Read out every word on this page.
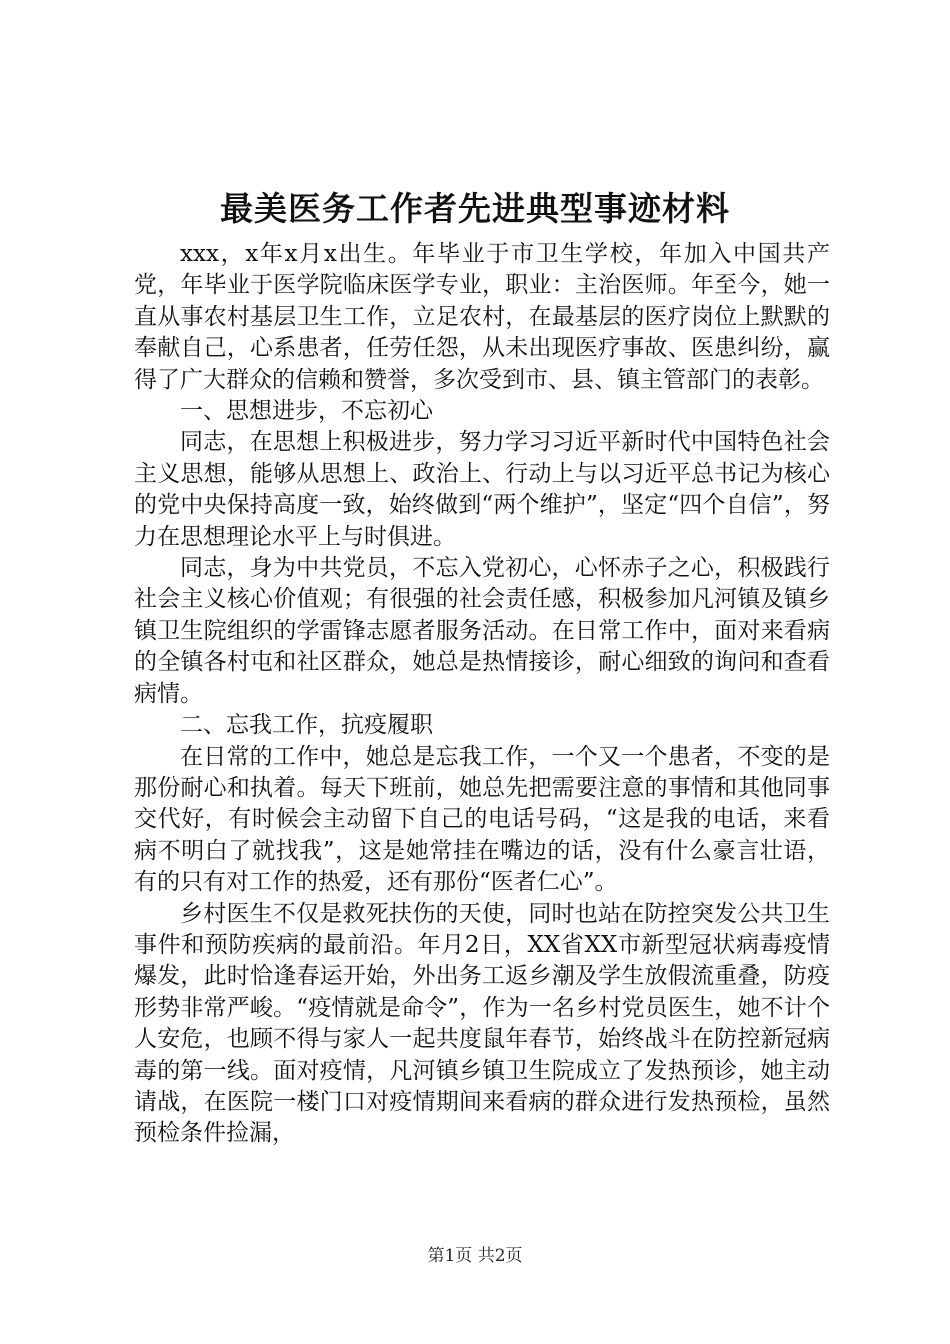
最美医务工作者先进典型事迹材料

xxx，x年x月x出生。年毕业于市卫生学校，年加入中国共产党，年毕业于医学院临床医学专业，职业：主治医师。年至今，她一直从事农村基层卫生工作，立足农村，在最基层的医疗岗位上默默的奉献自己，心系患者，任劳任怨，从未出现医疗事故、医患纠纷，赢得了广大群众的信赖和赞誉，多次受到市、县、镇主管部门的表彰。

一、思想进步，不忘初心

同志，在思想上积极进步，努力学习习近平新时代中国特色社会主义思想，能够从思想上、政治上、行动上与以习近平总书记为核心的党中央保持高度一致，始终做到“两个维护”，坚定“四个自信”，努力在思想理论水平上与时俱进。

同志，身为中共党员，不忘入党初心，心怀赤子之心，积极践行社会主义核心价值观；有很强的社会责任感，积极参加凡河镇及镇乡镇卫生院组织的学雷锋志愿者服务活动。在日常工作中，面对来看病的全镇各村屯和社区群众，她总是热情接诊，耐心细致的询问和查看病情。

二、忘我工作，抗疫履职

在日常的工作中，她总是忘我工作，一个又一个患者，不变的是那份耐心和执着。每天下班前，她总先把需要注意的事情和其他同事交代好，有时候会主动留下自己的电话号码，“这是我的电话，来看病不明白了就找我”，这是她常挂在嘴边的话，没有什么豪言壮语，有的只有对工作的热爱，还有那份“医者仁心”。

乡村医生不仅是救死扶伤的天使，同时也站在防控突发公共卫生事件和预防疾病的最前沿。年月2日，XX省XX市新型冠状病毒疫情爆发，此时恰逢春运开始，外出务工返乡潮及学生放假流重叠，防疫形势非常严峻。“疫情就是命令”，作为一名乡村党员医生，她不计个人安危，也顾不得与家人一起共度鼠年春节，始终战斗在防控新冠病毒的第一线。面对疫情，凡河镇乡镇卫生院成立了发热预诊，她主动请战，在医院一楼门口对疫情期间来看病的群众进行发热预检，虽然预检条件捡漏，

第1页 共2页
